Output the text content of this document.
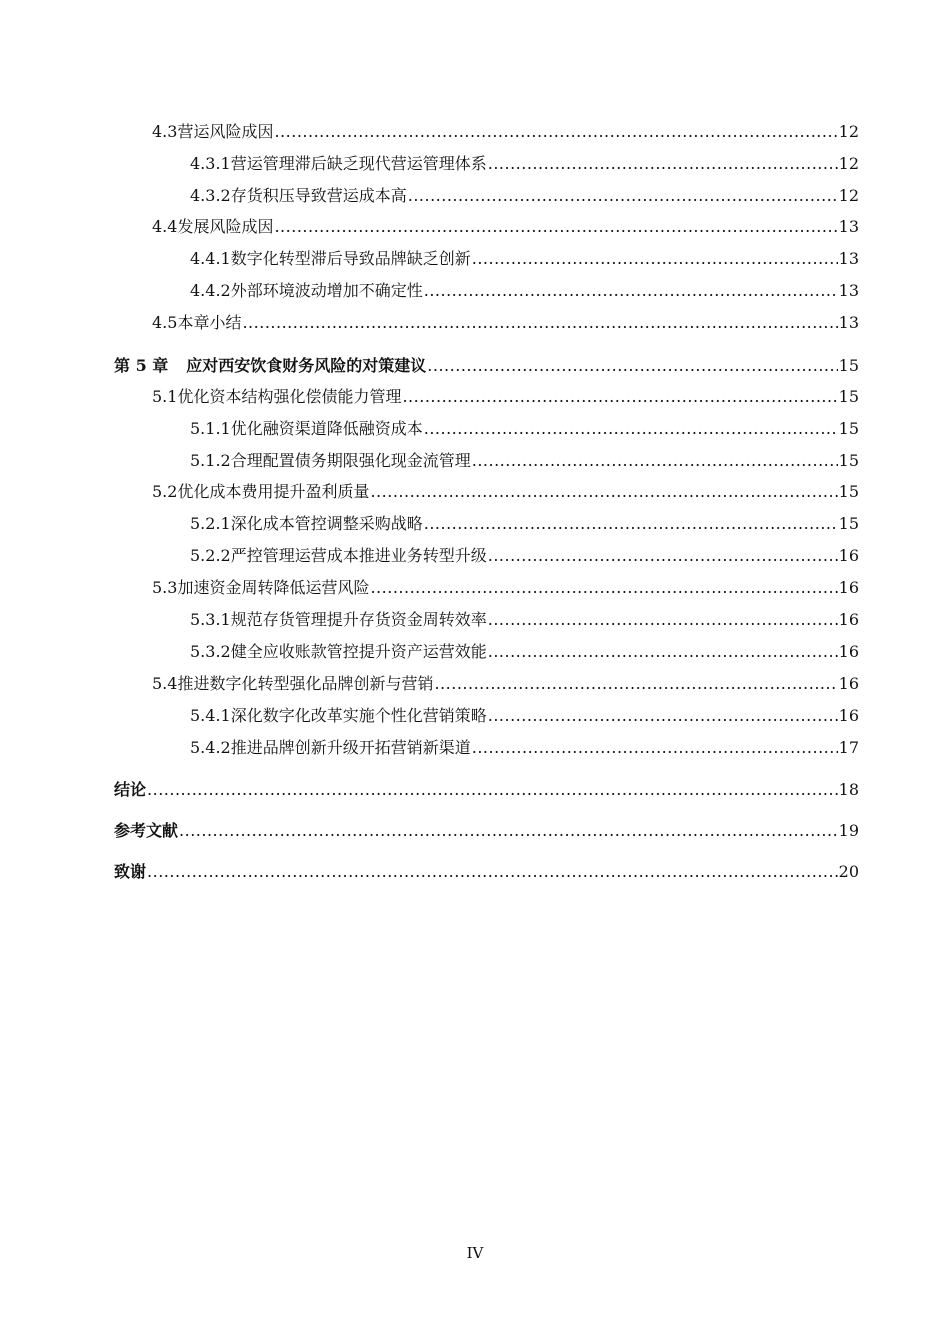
4.3 营运风险成因 .....	12
4.3.1 营运管理滞后缺乏现代营运管理体系 .....	12
4.3.2 存货积压导致营运成本高 .....	12
4.4 发展风险成因 .....	13
4.4.1 数字化转型滞后导致品牌缺乏创新 .....	13
4.4.2 外部环境波动增加不确定性 .....	13
4.5 本章小结 .....	13
第 5 章 应对西安饮食财务风险的对策建议 .....	15
5.1 优化资本结构强化偿债能力管理 .....	15
5.1.1 优化融资渠道降低融资成本 .....	15
5.1.2 合理配置债务期限强化现金流管理 .....	15
5.2 优化成本费用提升盈利质量 .....	15
5.2.1 深化成本管控调整采购战略 .....	15
5.2.2 严控管理运营成本推进业务转型升级 .....	16
5.3 加速资金周转降低运营风险 .....	16
5.3.1 规范存货管理提升存货资金周转效率 .....	16
5.3.2 健全应收账款管控提升资产运营效能 .....	16
5.4 推进数字化转型强化品牌创新与营销 .....	16
5.4.1 深化数字化改革实施个性化营销策略 .....	16
5.4.2 推进品牌创新升级开拓营销新渠道 .....	17
结论 .....	18
参考文献 .....	19
致谢 .....	20
IV
